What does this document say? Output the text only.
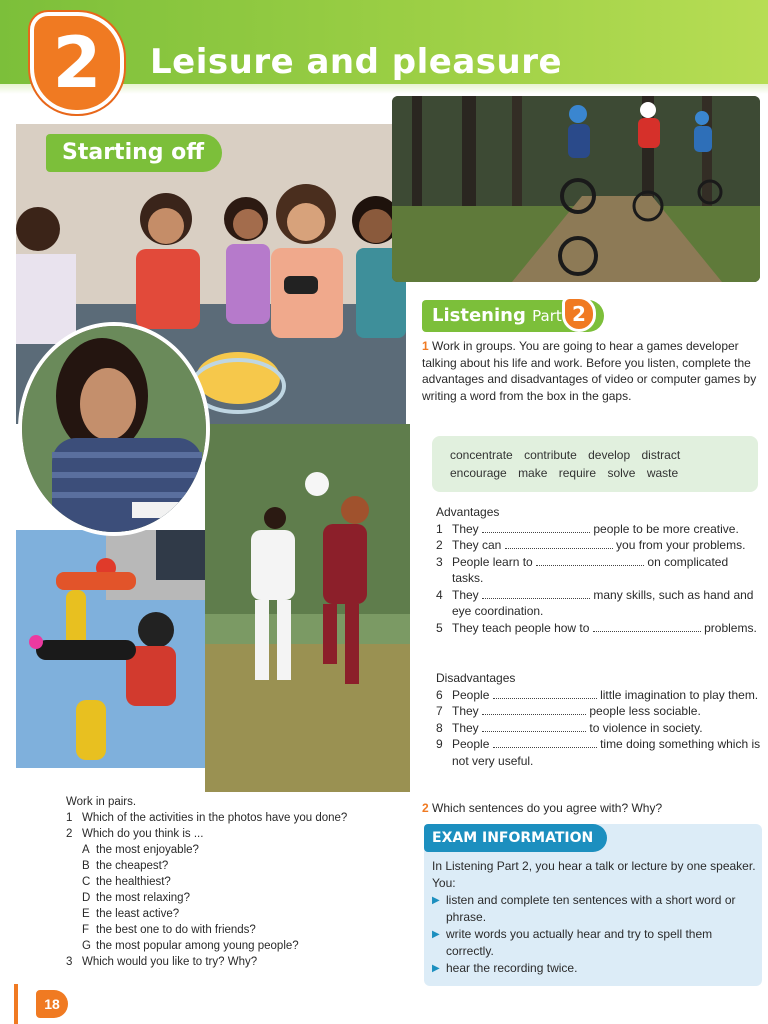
2	Leisure and pleasure
Starting off
Listening Part 2
1 Work in groups. You are going to hear a games developer talking about his life and work. Before you listen, complete the advantages and disadvantages of video or computer games by writing a word from the box in the gaps.
concentrate contribute develop distract
encourage make require solve waste
Advantages
1 They	people to be more creative.
2 They can	you from your problems.
3 People learn to	on complicated tasks.
4 They	many skills, such as hand and eye coordination.
5 They teach people how to	problems.
Disadvantages
6 People	little imagination to play them.
7 They	people less sociable.
8 They	to violence in society.
9 People	time doing something which is not very useful.
2 Which sentences do you agree with? Why?
EXAM INFORMATION
In Listening Part 2, you hear a talk or lecture by one speaker. You:
▶ listen and complete ten sentences with a short word or phrase.
▶ write words you actually hear and try to spell them correctly.
▶ hear the recording twice.
Work in pairs.
1 Which of the activities in the photos have you done?
2 Which do you think is ...
A the most enjoyable?
B the cheapest?
C the healthiest?
D the most relaxing?
E the least active?
F the best one to do with friends?
G the most popular among young people?
3 Which would you like to try? Why?
18
